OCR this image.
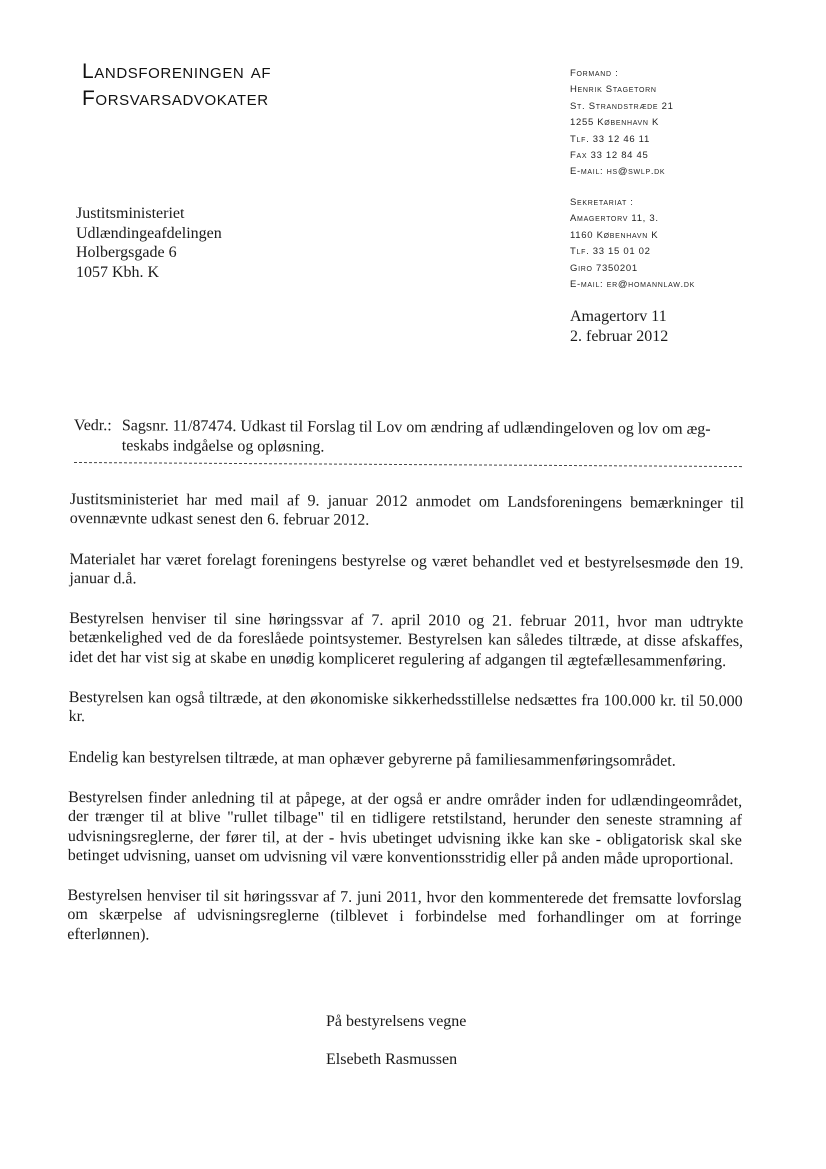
Landsforeningen af
Forsvarsadvokater
Formand :
Henrik Stagetorn
St. Strandstræde 21
1255 København K
Tlf. 33 12 46 11
Fax 33 12 84 45
E-mail: hs@swlp.dk
Sekretariat :
Amagertorv 11, 3.
1160 København K
Tlf. 33 15 01 02
Giro 7350201
E-mail: er@homannlaw.dk
Justitsministeriet
Udlændingeafdelingen
Holbergsgade 6
1057 Kbh. K
Amagertorv 11
2. februar 2012
Vedr.: Sagsnr. 11/87474. Udkast til Forslag til Lov om ændring af udlændingeloven og lov om æg-
teskabs indgåelse og opløsning.

Justitsministeriet har med mail af 9. januar 2012 anmodet om Landsforeningens bemærkninger til ovennævnte udkast senest den 6. februar 2012.

Materialet har været forelagt foreningens bestyrelse og været behandlet ved et bestyrelsesmøde den 19. januar d.å.

Bestyrelsen henviser til sine høringssvar af 7. april 2010 og 21. februar 2011, hvor man udtrykte betænkelighed ved de da foreslåede pointsystemer. Bestyrelsen kan således tiltræde, at disse afskaffes, idet det har vist sig at skabe en unødig kompliceret regulering af adgangen til ægtefællesammenføring.

Bestyrelsen kan også tiltræde, at den økonomiske sikkerhedsstillelse nedsættes fra 100.000 kr. til 50.000 kr.

Endelig kan bestyrelsen tiltræde, at man ophæver gebyrerne på familiesammenføringsområdet.

Bestyrelsen finder anledning til at påpege, at der også er andre områder inden for udlændingeområdet, der trænger til at blive "rullet tilbage" til en tidligere retstilstand, herunder den seneste stramning af udvisningsreglerne, der fører til, at der - hvis ubetinget udvisning ikke kan ske - obligatorisk skal ske betinget udvisning, uanset om udvisning vil være konventionsstridig eller på anden måde uproportional.

Bestyrelsen henviser til sit høringssvar af 7. juni 2011, hvor den kommenterede det fremsatte lovforslag om skærpelse af udvisningsreglerne (tilblevet i forbindelse med forhandlinger om at forringe efterlønnen).

På bestyrelsens vegne
Elsebeth Rasmussen
